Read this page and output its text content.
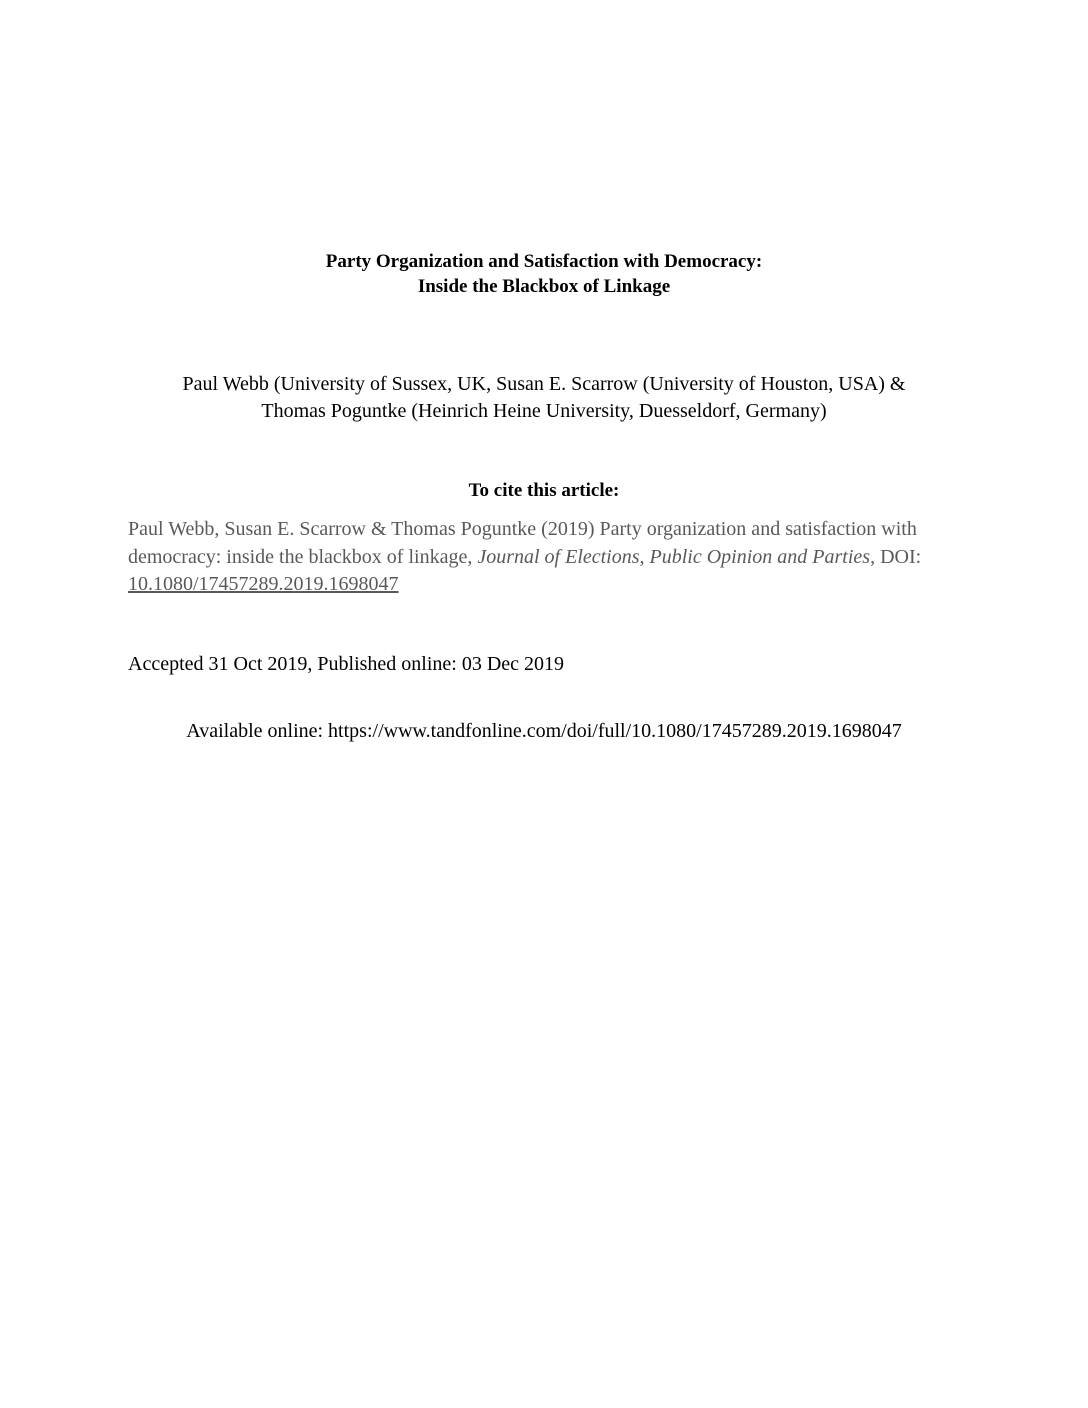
Party Organization and Satisfaction with Democracy:
Inside the Blackbox of Linkage
Paul Webb (University of Sussex, UK, Susan E. Scarrow (University of Houston, USA) &
Thomas Poguntke (Heinrich Heine University, Duesseldorf, Germany)
To cite this article:
Paul Webb, Susan E. Scarrow & Thomas Poguntke (2019) Party organization and satisfaction with democracy: inside the blackbox of linkage, Journal of Elections, Public Opinion and Parties, DOI: 10.1080/17457289.2019.1698047
Accepted 31 Oct 2019, Published online: 03 Dec 2019
Available online: https://www.tandfonline.com/doi/full/10.1080/17457289.2019.1698047
